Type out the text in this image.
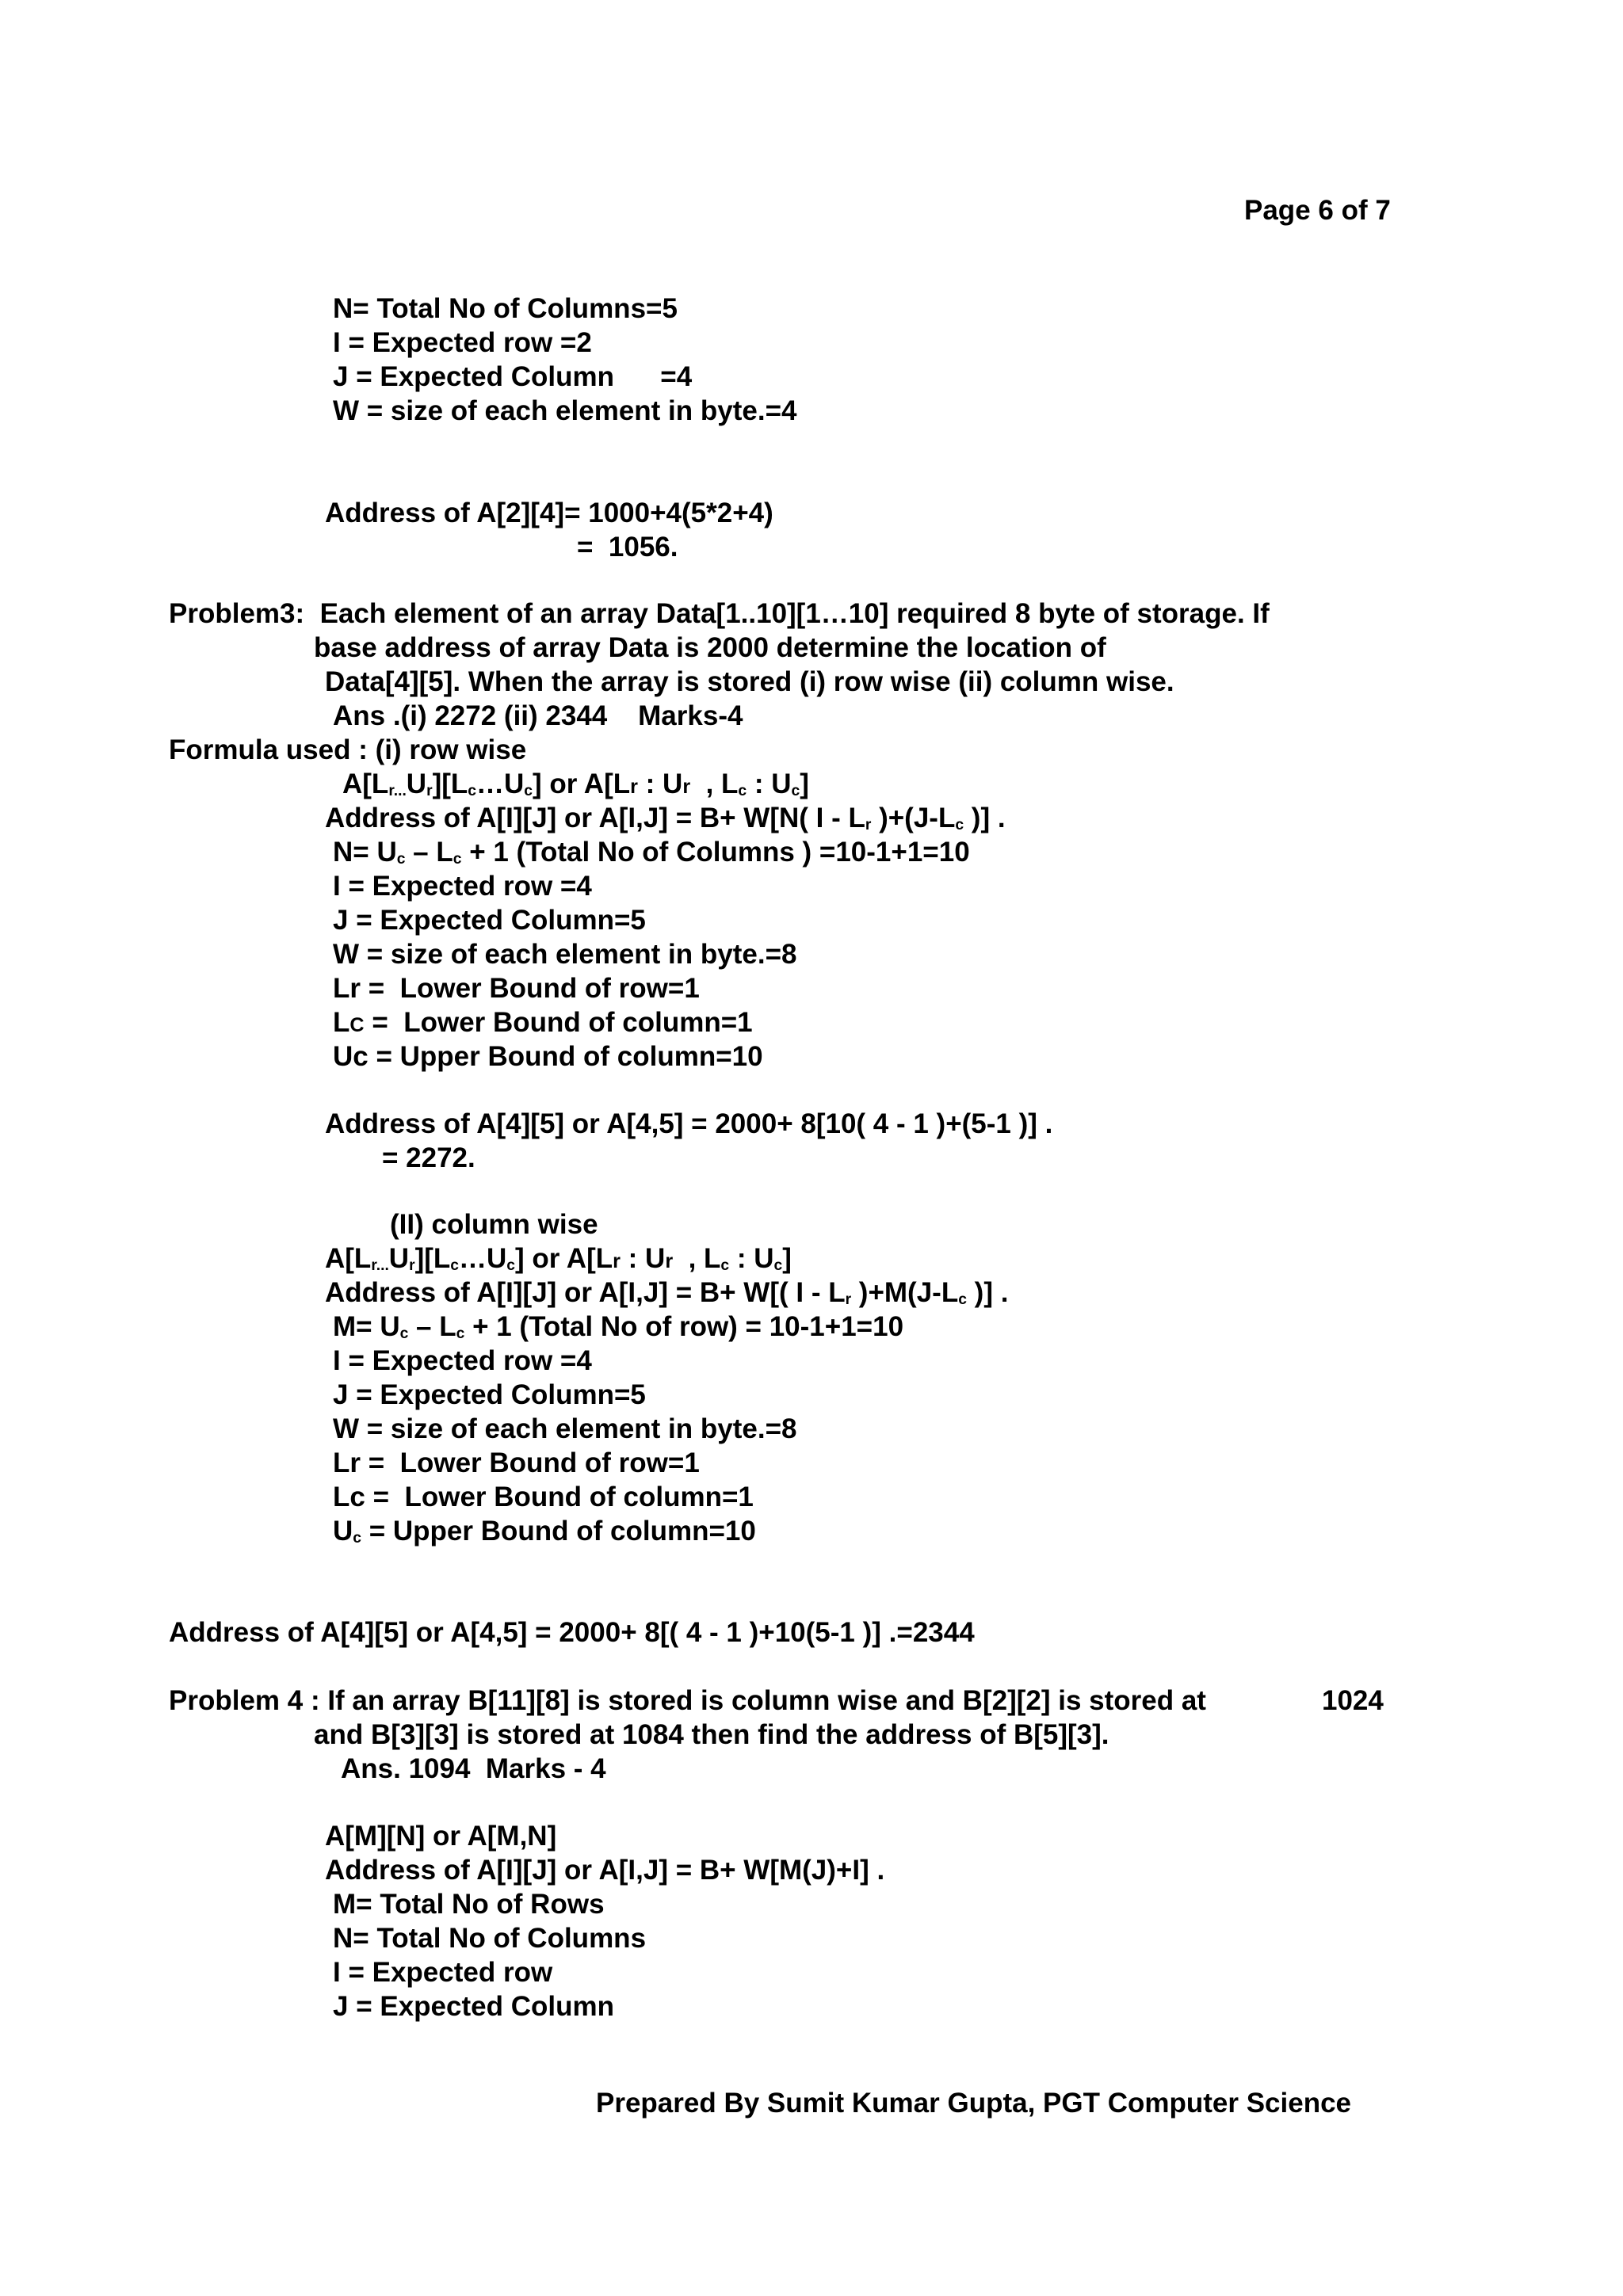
Page 6 of 7
N= Total No of Columns=5
I = Expected row =2
J = Expected Column      =4
W = size of each element in byte.=4
Address of A[2][4]= 1000+4(5*2+4)
=  1056.
Problem3:  Each element of an array Data[1..10][1…10] required 8 byte of storage. If
base address of array Data is 2000 determine the location of
Data[4][5]. When the array is stored (i) row wise (ii) column wise.
Ans .(i) 2272 (ii) 2344    Marks-4
Formula used : (i) row wise
$A[L_{r...}U_r][L_c\dots U_c]$ or A[Lr : Ur  , $L_c$ : $U_c$]
Address of A[I][J] or A[I,J] = B+ W[N( I - $L_r$ )$+(J-L_c$ )] .
$N= U_c - L_c + 1$ (Total No of Columns ) =10-1+1=10
I = Expected row =4
J = Expected Column=5
W = size of each element in byte.=8
Lr =  Lower Bound of row=1
LC =  Lower Bound of column=1
Uc = Upper Bound of column=10
Address of A[4][5] or A[4,5] = 2000+ 8[10( 4 - 1 )+(5-1 )] .
= 2272.
(II) column wise
$A[L_{r...}U_r][L_c\dots U_c]$ or A[Lr : Ur  , $L_c$ : $U_c$]
Address of A[I][J] or A[I,J] = B+ W[( I - $L_r$ )$+M(J-L_c$ )] .
$M= U_c - L_c + 1$ (Total No of row) = 10-1+1=10
I = Expected row =4
J = Expected Column=5
W = size of each element in byte.=8
Lr =  Lower Bound of row=1
Lc =  Lower Bound of column=1
$U_c$ = Upper Bound of column=10
Address of A[4][5] or A[4,5] = 2000+ 8[( 4 - 1 )+10(5-1 )] .=2344
Problem 4 : If an array B[11][8] is stored is column wise and B[2][2] is stored at	1024
and B[3][3] is stored at 1084 then find the address of B[5][3].
Ans. 1094  Marks - 4
A[M][N] or A[M,N]
Address of A[I][J] or A[I,J] = B+ W[M(J)+I] .
M= Total No of Rows
N= Total No of Columns
I = Expected row
J = Expected Column
Prepared By Sumit Kumar Gupta, PGT Computer Science
